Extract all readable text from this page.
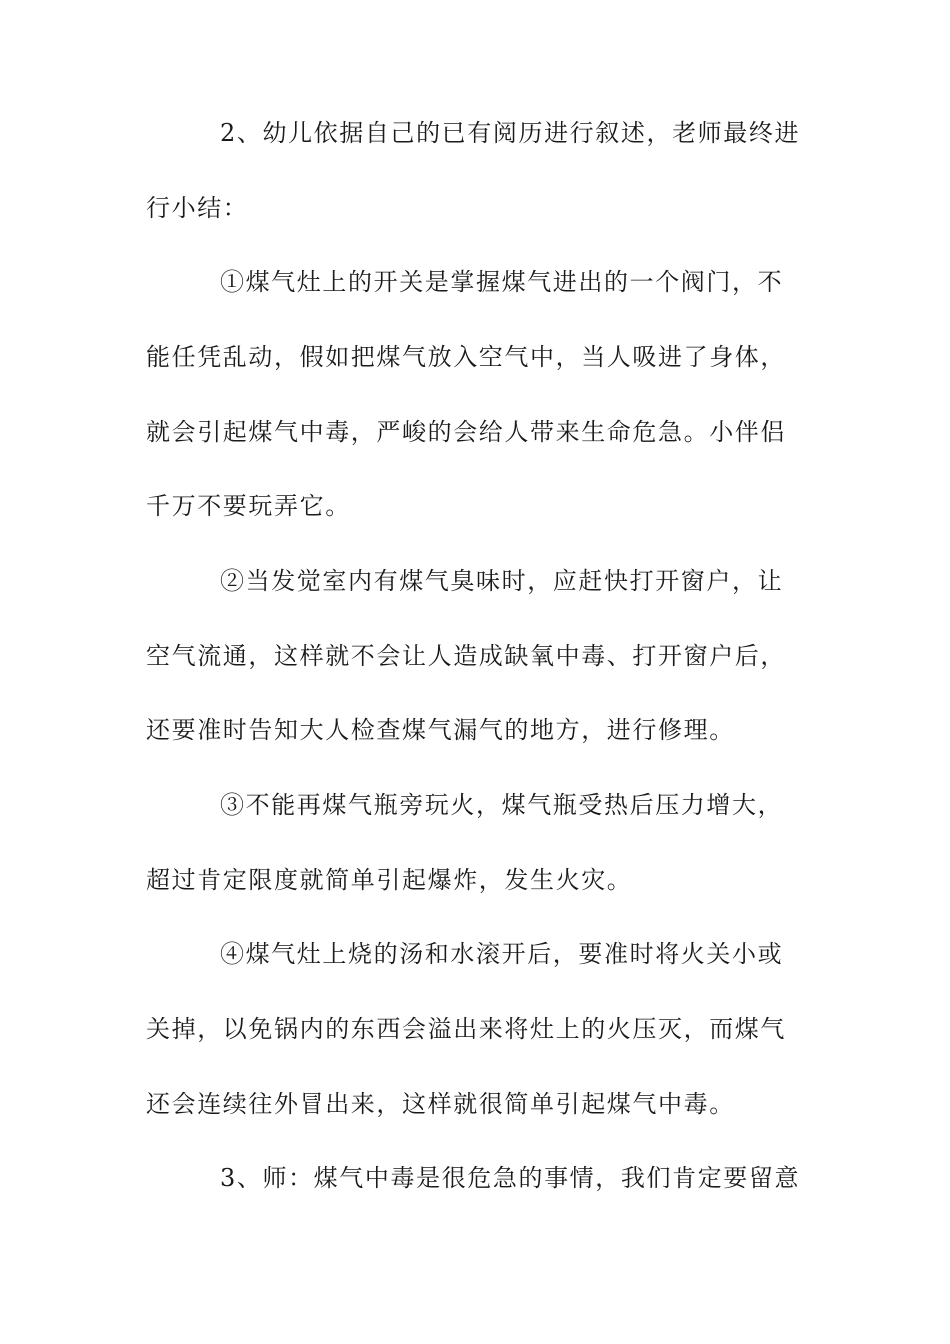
2、幼儿依据自己的已有阅历进行叙述，老师最终进
行小结：
①煤气灶上的开关是掌握煤气进出的一个阀门，不
能任凭乱动，假如把煤气放入空气中，当人吸进了身体，
就会引起煤气中毒，严峻的会给人带来生命危急。小伴侣
千万不要玩弄它。
②当发觉室内有煤气臭味时，应赶快打开窗户，让
空气流通，这样就不会让人造成缺氧中毒、打开窗户后，
还要准时告知大人检查煤气漏气的地方，进行修理。
③不能再煤气瓶旁玩火，煤气瓶受热后压力增大，
超过肯定限度就简单引起爆炸，发生火灾。
④煤气灶上烧的汤和水滚开后，要准时将火关小或
关掉，以免锅内的东西会溢出来将灶上的火压灭，而煤气
还会连续往外冒出来，这样就很简单引起煤气中毒。
3、师：煤气中毒是很危急的事情，我们肯定要留意
